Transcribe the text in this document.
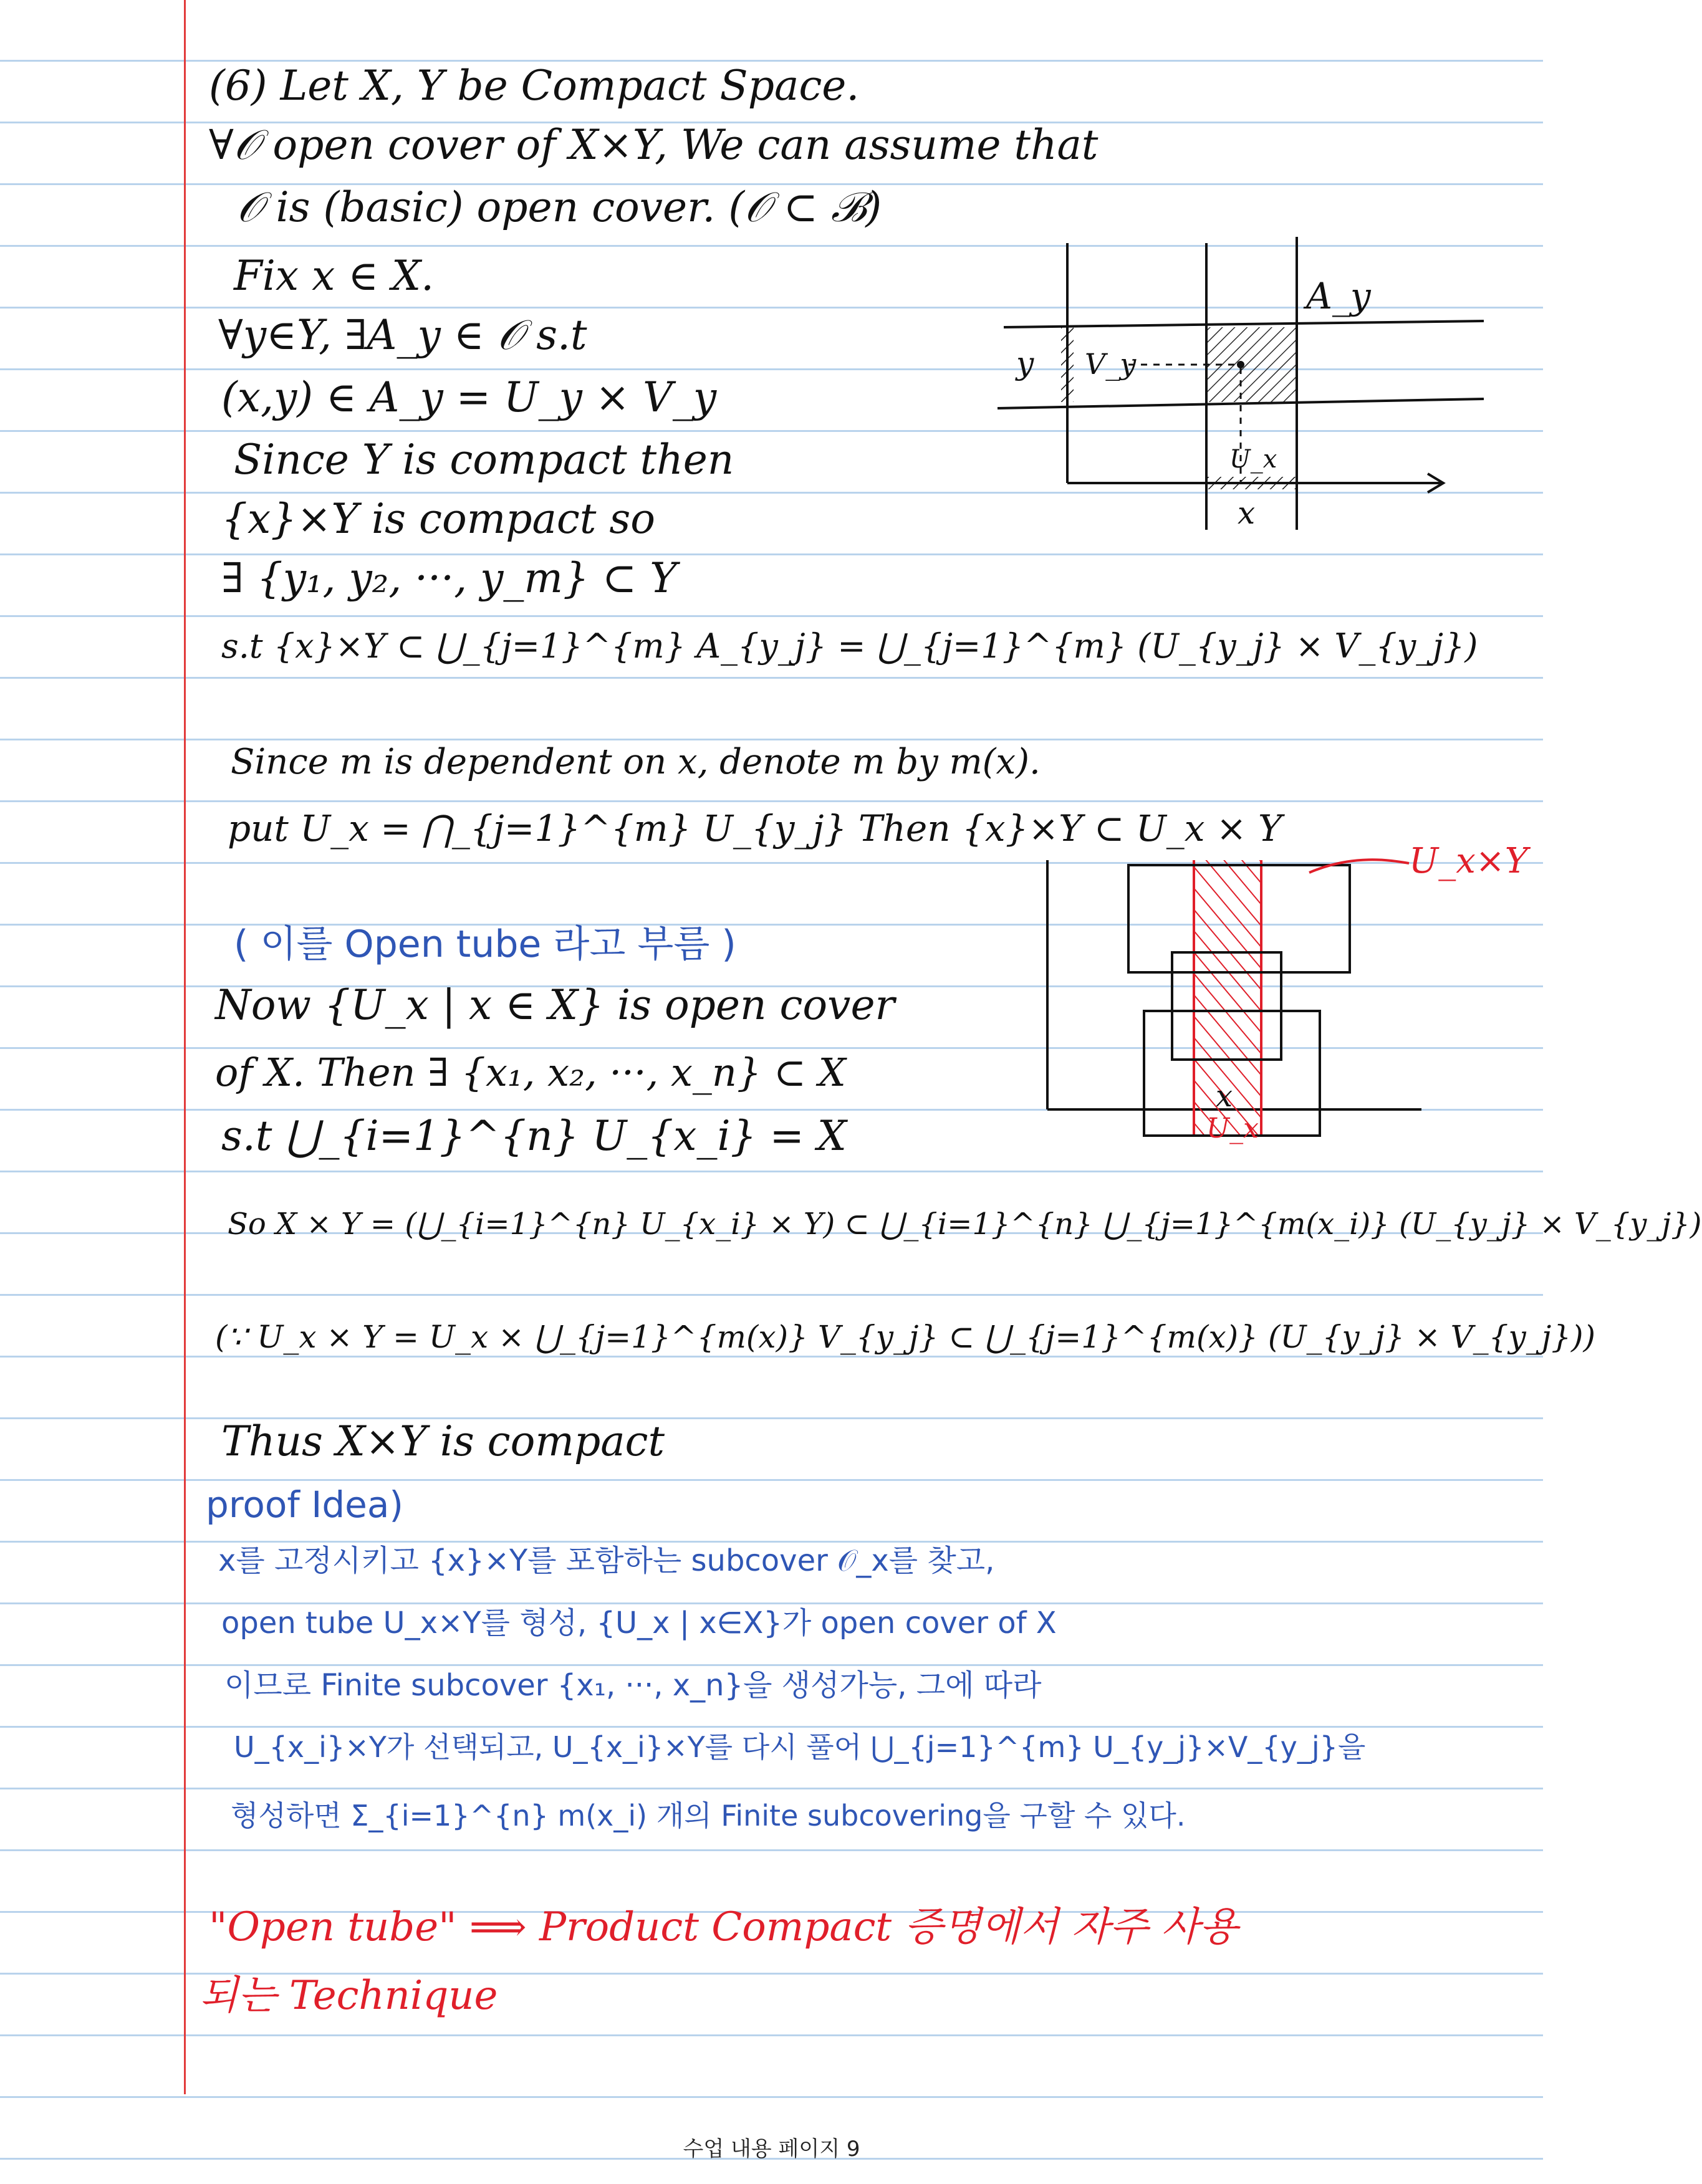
(6) Let X, Y be Compact Space.
∀𝒪 open cover of X×Y, We can assume that
𝒪 is (basic) open cover. (𝒪 ⊂ ℬ)
Fix x ∈ X.
∀y∈Y, ∃A_y ∈ 𝒪 s.t
(x,y) ∈ A_y = U_y × V_y
Since Y is compact then
{x}×Y is compact so
∃ {y₁, y₂, ···, y_m} ⊂ Y
s.t {x}×Y ⊂ ⋃_{j=1}^{m} A_{y_j} = ⋃_{j=1}^{m} (U_{y_j} × V_{y_j})
Since m is dependent on x, denote m by m(x).
put U_x = ⋂_{j=1}^{m} U_{y_j} Then {x}×Y ⊂ U_x × Y
( 이를 Open tube 라고 부름 )
Now {U_x | x ∈ X} is open cover
of X. Then ∃ {x₁, x₂, ···, x_n} ⊂ X
s.t ⋃_{i=1}^{n} U_{x_i} = X
So X × Y = (⋃_{i=1}^{n} U_{x_i} × Y) ⊂ ⋃_{i=1}^{n} ⋃_{j=1}^{m(x_i)} (U_{y_j} × V_{y_j})
(∵ U_x × Y = U_x × ⋃_{j=1}^{m(x)} V_{y_j} ⊂ ⋃_{j=1}^{m(x)} (U_{y_j} × V_{y_j}))
Thus X×Y is compact
proof Idea)
x를 고정시키고 {x}×Y를 포함하는 subcover 𝒪_x를 찾고,
open tube U_x×Y를 형성, {U_x | x∈X}가 open cover of X
이므로 Finite subcover {x₁, ···, x_n}을 생성가능, 그에 따라
U_{x_i}×Y가 선택되고, U_{x_i}×Y를 다시 풀어 ⋃_{j=1}^{m} U_{y_j}×V_{y_j}을
형성하면 Σ_{i=1}^{n} m(x_i) 개의 Finite subcovering을 구할 수 있다.
"Open tube" ⟹ Product Compact 증명에서 자주 사용
되는 Technique
A_y
y V_y
U_x
x
U_x×Y
x
U_x
수업 내용 페이지 9
